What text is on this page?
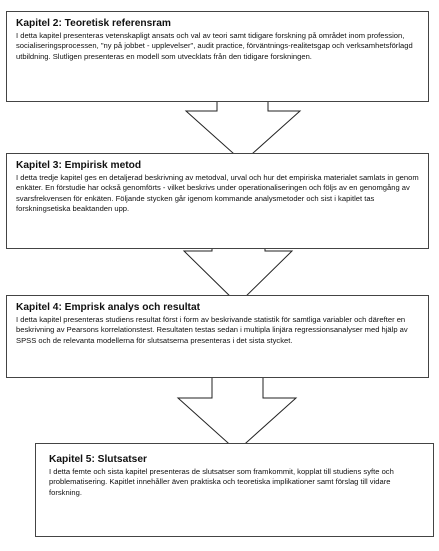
Kapitel 2: Teoretisk referensram
I detta kapitel presenteras vetenskapligt ansats och val av teori samt tidigare forskning på området inom profession, socialiseringsprocessen, "ny på jobbet - upplevelser", audit practice, förväntnings-realitetsgap och verksamhetsförlagd utbildning. Slutligen presenteras en modell som utvecklats från den tidigare forskningen.
Kapitel 3: Empirisk metod
I detta tredje kapitel ges en detaljerad beskrivning av metodval, urval och hur det empiriska materialet samlats in genom enkäter. En förstudie har också genomförts - vilket beskrivs under operationaliseringen och följs av en genomgång av svarsfrekvensen för enkäten. Följande stycken går igenom kommande analysmetoder och sist i kapitlet tas forskningsetiska beaktanden upp.
Kapitel 4: Emprisk analys och resultat
I detta kapitel presenteras studiens resultat först i form av beskrivande statistik för samtliga variabler och därefter en beskrivning av Pearsons korrelationstest. Resultaten testas sedan i multipla linjära regressionsanalyser med hjälp av SPSS och de relevanta modellerna för slutsatserna presenteras i det sista stycket.
Kapitel 5: Slutsatser
I detta femte och sista kapitel presenteras de slutsatser som framkommit, kopplat till studiens syfte och problematisering. Kapitlet innehåller även praktiska och teoretiska implikationer samt förslag till vidare forskning.
